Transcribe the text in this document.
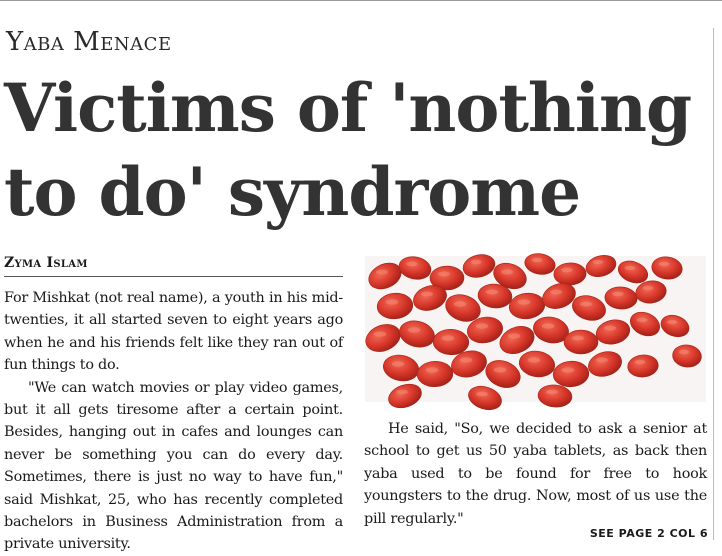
Yaba Menace
Victims of 'nothing to do' syndrome
Zyma Islam

For Mishkat (not real name), a youth in his mid-twenties, it all started seven to eight years ago when he and his friends felt like they ran out of fun things to do.

"We can watch movies or play video games, but it all gets tiresome after a certain point. Besides, hanging out in cafes and lounges can never be something you can do every day. Sometimes, there is just no way to have fun," said Mishkat, 25, who has recently completed bachelors in Business Administration from a private university.

He said, "So, we decided to ask a senior at school to get us 50 yaba tablets, as back then yaba used to be found for free to hook youngsters to the drug. Now, most of us use the pill regularly."

SEE PAGE 2 COL 6
